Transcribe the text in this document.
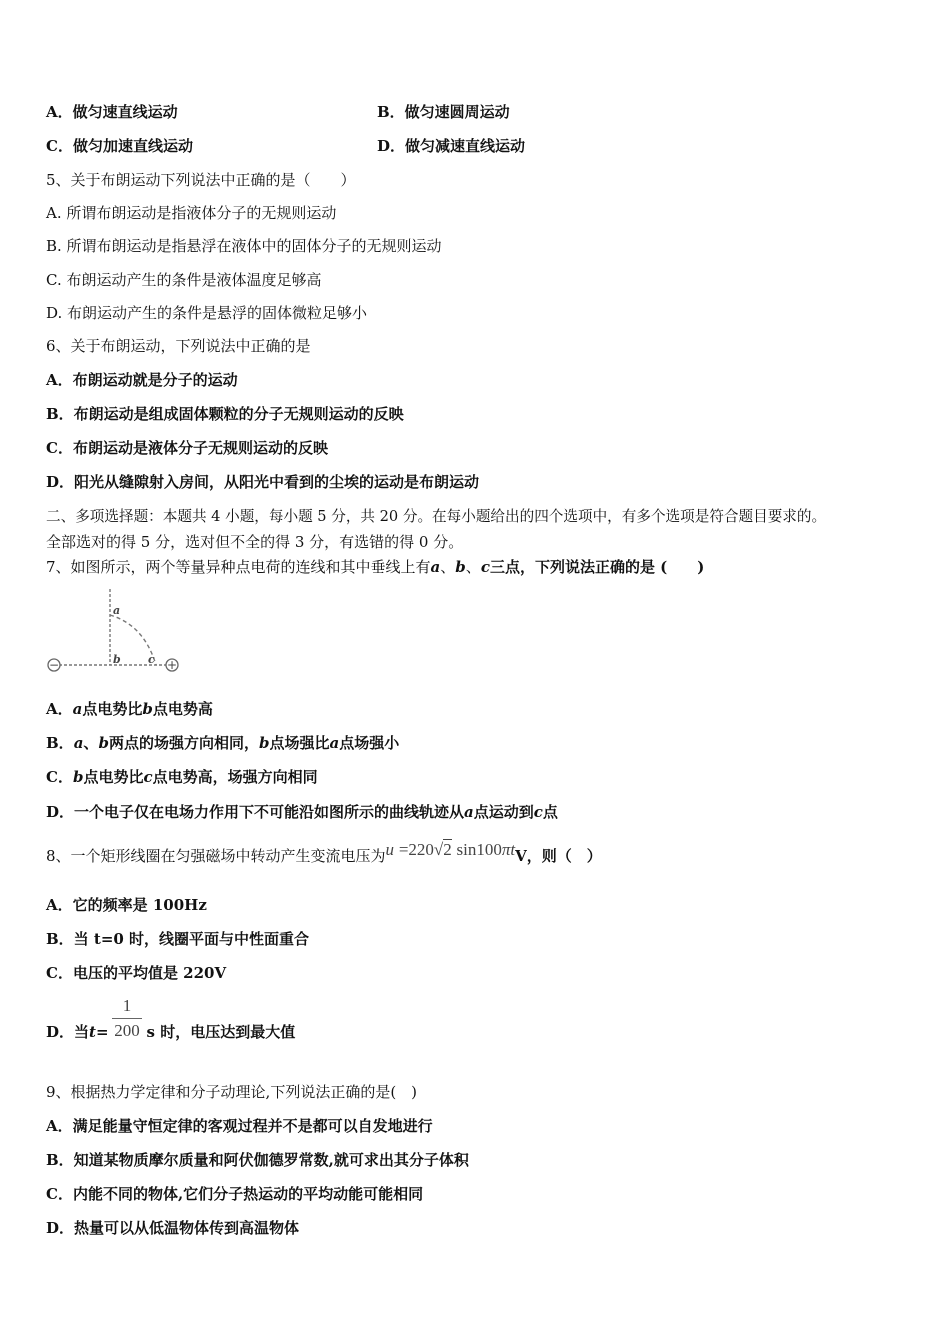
A．做匀速直线运动	B．做匀速圆周运动
C．做匀加速直线运动	D．做匀减速直线运动
5、关于布朗运动下列说法中正确的是（　　）
A. 所谓布朗运动是指液体分子的无规则运动
B. 所谓布朗运动是指悬浮在液体中的固体分子的无规则运动
C. 布朗运动产生的条件是液体温度足够高
D. 布朗运动产生的条件是悬浮的固体微粒足够小
6、关于布朗运动，下列说法中正确的是
A．布朗运动就是分子的运动
B．布朗运动是组成固体颗粒的分子无规则运动的反映
C．布朗运动是液体分子无规则运动的反映
D．阳光从缝隙射入房间，从阳光中看到的尘埃的运动是布朗运动
二、多项选择题：本题共 4 小题，每小题 5 分，共 20 分。在每小题给出的四个选项中，有多个选项是符合题目要求的。
全部选对的得 5 分，选对但不全的得 3 分，有选错的得 0 分。
7、如图所示，两个等量异种点电荷的连线和其中垂线上有a、b、c三点，下列说法正确的是 (　　)
−	+
a
b c
A．a点电势比b点电势高
B．a、b两点的场强方向相同，b点场强比a点场强小
C．b点电势比c点电势高，场强方向相同
D．一个电子仅在电场力作用下不可能沿如图所示的曲线轨迹从a点运动到c点
8、一个矩形线圈在匀强磁场中转动产生变流电压为u =220√2 sin100πtV，则（　）
A．它的频率是 100Hz
B．当 t=0 时，线圈平面与中性面重合
C．电压的平均值是 220V
D．当t=	s 时，电压达到最大值
1
200
9、根据热力学定律和分子动理论,下列说法正确的是(　)
A．满足能量守恒定律的客观过程并不是都可以自发地进行
B．知道某物质摩尔质量和阿伏伽德罗常数,就可求出其分子体积
C．内能不同的物体,它们分子热运动的平均动能可能相同
D．热量可以从低温物体传到高温物体
